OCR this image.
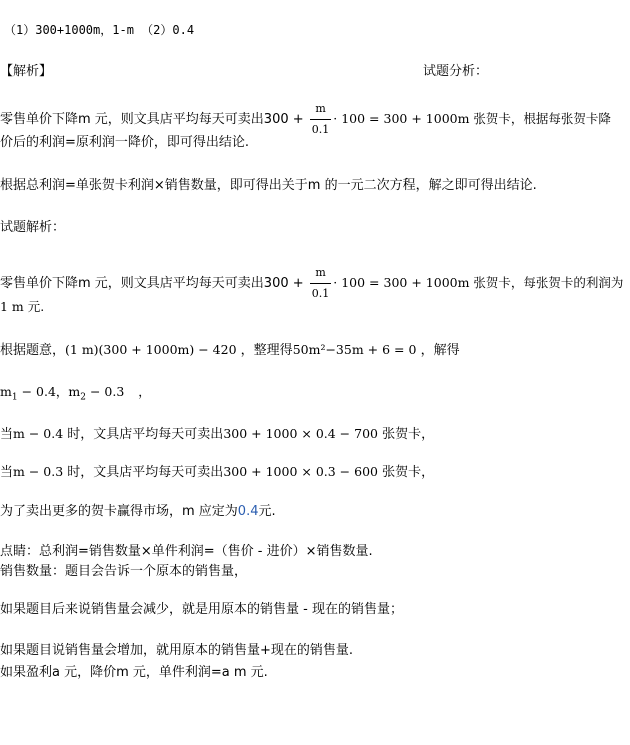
（1）300+1000m，1-m （2）0.4
【解析】	试题分析：
零售单价下降m 元，则文具店平均每天可卖出$300 + \frac{m}{0.1} \cdot 100 = 300 + 1000m$ 张贺卡，根据每张贺卡降
价后的利润=原利润一降价，即可得出结论.
根据总利润=单张贺卡利润×销售数量，即可得出关于m 的一元二次方程，解之即可得出结论.
试题解析：
零售单价下降m 元，则文具店平均每天可卖出$300 + \frac{m}{0.1} \cdot 100 = 300 + 1000m$ 张贺卡，每张贺卡的利润为
1 m 元.
根据题意，(1 m)(300 + 1000m) − 420 ，整理得50m²−35m + 6 = 0 ，解得
$m_1 - 0.4$，$m_2 - 0.3$ ，
当m − 0.4 时，文具店平均每天可卖出300 + 1000 × 0.4 − 700 张贺卡，
当m − 0.3 时，文具店平均每天可卖出300 + 1000 × 0.3 − 600 张贺卡，
为了卖出更多的贺卡赢得市场，m 应定为0.4元.
点睛：总利润=销售数量×单件利润=（售价 - 进价）×销售数量.
销售数量：题目会告诉一个原本的销售量，
如果题目后来说销售量会减少，就是用原本的销售量 - 现在的销售量；
如果题目说销售量会增加，就用原本的销售量+现在的销售量.
如果盈利a 元，降价m 元，单件利润=a m 元.
